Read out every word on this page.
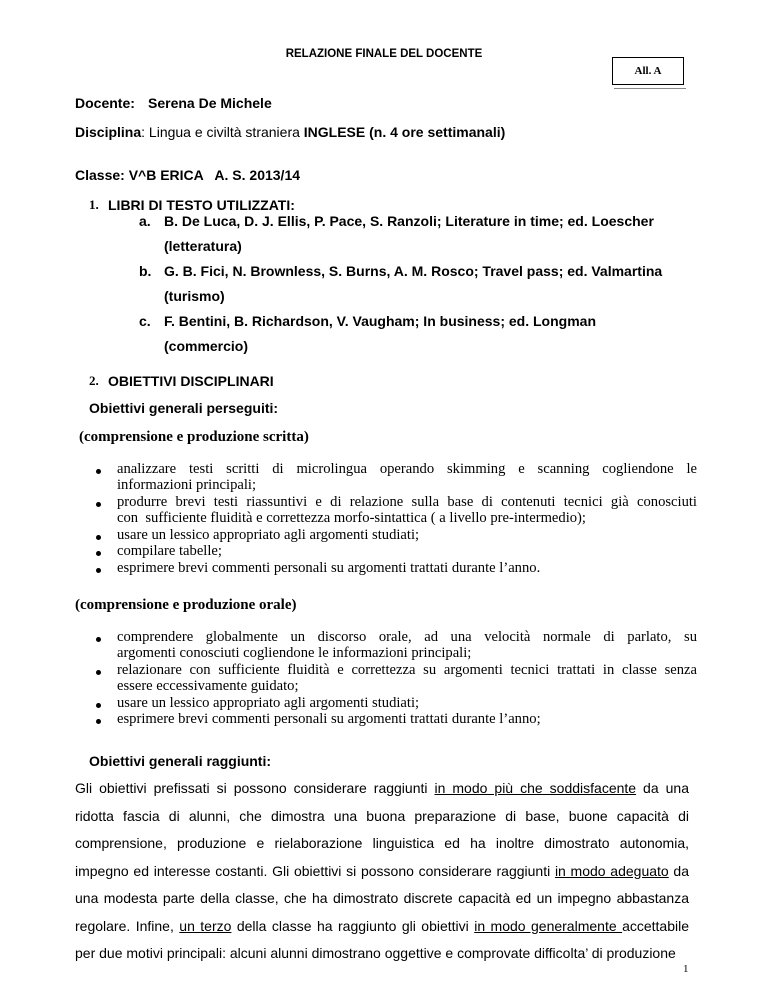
RELAZIONE FINALE DEL DOCENTE
All. A
Docente: Serena De Michele
Disciplina: Lingua e civiltà straniera INGLESE (n. 4 ore settimanali)
Classe: V^B ERICA   A. S. 2013/14
1. LIBRI DI TESTO UTILIZZATI:
a. B. De Luca, D. J. Ellis, P. Pace, S. Ranzoli; Literature in time; ed. Loescher
(letteratura)
b. G. B. Fici, N. Brownless, S. Burns, A. M. Rosco; Travel pass; ed. Valmartina
(turismo)
c. F. Bentini, B. Richardson, V. Vaugham; In business; ed. Longman
(commercio)
2. OBIETTIVI DISCIPLINARI
Obiettivi generali perseguiti:
(comprensione e produzione scritta)
analizzare testi scritti di microlingua operando skimming e scanning cogliendone le
informazioni principali;
produrre brevi testi riassuntivi e di relazione sulla base di contenuti tecnici già conosciuti
con  sufficiente fluidità e correttezza morfo-sintattica ( a livello pre-intermedio);
usare un lessico appropriato agli argomenti studiati;
compilare tabelle;
esprimere brevi commenti personali su argomenti trattati durante l’anno.
(comprensione e produzione orale)
comprendere globalmente un discorso orale, ad una velocità normale di parlato, su
argomenti conosciuti cogliendone le informazioni principali;
relazionare con sufficiente fluidità e correttezza su argomenti tecnici trattati in classe senza
essere eccessivamente guidato;
usare un lessico appropriato agli argomenti studiati;
esprimere brevi commenti personali su argomenti trattati durante l’anno;
Obiettivi generali raggiunti:
Gli obiettivi prefissati si possono considerare raggiunti in modo più che soddisfacente da una ridotta fascia di alunni, che dimostra una buona preparazione di base, buone capacità di comprensione, produzione e rielaborazione linguistica ed ha inoltre dimostrato autonomia, impegno ed interesse costanti. Gli obiettivi si possono considerare raggiunti in modo adeguato da una modesta parte della classe, che ha dimostrato discrete capacità ed un impegno abbastanza regolare. Infine, un terzo della classe ha raggiunto gli obiettivi in modo generalmente accettabile per due motivi principali: alcuni alunni dimostrano oggettive e comprovate difficolta’ di produzione
1
